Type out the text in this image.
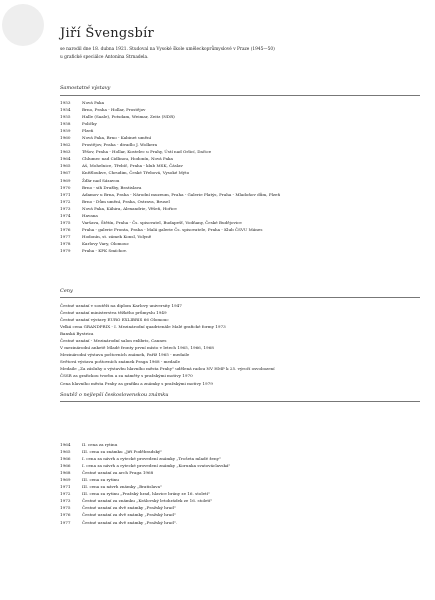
Jiří Švengsbír
se narodil dne 18. dubna 1921. Studoval na Vysoké škole uměleckoprůmyslové v Praze (1945—50)
u grafické speciálce Antonína Strnadela.
Samostatné výstavy
1953	Nová Paka
1954	Brno, Praha - Hollar, Prostějov
1955	Halle (Saale), Potsdam, Weimar, Zeitz (NDR)
1958	Poličky
1959	Plzeň
1960	Nová Paka, Brno - Kabinet umění
1962	Prostějov, Praha - divadlo J. Wolkera
1963	Těšov, Praha - Hollar, Kostelec u Prahy, Ústí nad Orlicí, Dačice
1964	Chlumec nad Cidlinou, Hodonín, Nová Paka
1965	Aš, Mohelnice, Třebíč, Praha - klub MSK, Čáslav
1967	Kněžloukve, Chrudim, České Třebová, Vysoké Mýto
1969	Žďár nad Sázavou
1970	Brno - síň Družby, Bratislava
1971	Adamov u Brna, Praha - Národní muzeum, Praha - Galerie Platýs, Praha - Mladoňov dům, Plzeň
1972	Brno - Dům umění, Praha, Ostrava, Brusel
1973	Nová Paka, Káhira, Alexandrie, Věšeň, Hořice
1974	Havana
1975	Varšava, Štětín, Praha - Čs. spisovatel, Budapešť, Vodňany, České Budějovice
1976	Praha - galerie Fronta, Praha - Malá galerie Čs. spisovatele, Praha - Klub ČSVU Mánes
1977	Hodonín, st. zámek Konsl, Volyně
1978	Karlovy Vary, Olomouc
1979	Praha - KPK Smíchov.
Ceny
Čestné uznání v soutěži na diplom Karlovy university 1947
Čestné uznání ministerstva těžkého průmyslu 1949
Čestné uznání výstavy EURO EXLIBRIS 66 Olomouc
Velká cena GRANDPRIX - I. Mezinárodní quadrienále Malé grafické formy 1973
Banská Bystrica
Čestné uznání - Mezinárodní salon exlibris, Cannes
V mezinárodní anketě Mladé fronty první místo v letech 1965, 1966, 1968
Mezinárodní výstava poštovních známek, Paříž 1965 - medaile
Světová výstava poštovních známek Praga 1968 - medaile
Medaile „Za zásluhy o výstavbu hlavního města Prahy" udělená radou NV HMP k 25. výročí osvobození
ČSSR za grafickou tvorbu a za náměty s pražskými motivy 1970
Cena hlavního města Prahy za grafiku a známky s pražskými motivy 1979
Soutěž o nejlepší československou známku
1964	II. cena za rytinu
1965	III. cena za známku „Jiří Poděbradský"
1966	I. cena za návrh a rytecké provedení známky „Trošeta mladé ženy"
1966	I. cena za návrh a rytecké provedení známky „Korunka svatováclavská"
1968	Čestné uznání za arch Praga 1968
1969	III. cena za rytinu
1971	III. cena za návrh známky „Bratislava"
1972	III. cena za rytinu „Pražský hrad, hlavice brány ze 16. století"
1973	Čestné uznání za známku „Královský letohrádek ze 16. století"
1975	Čestné uznání za dvě známky „Pražský hrad"
1976	Čestné uznání za dvě známky „Pražský hrad"
1977	Čestné uznání za dvě známky „Pražský hrad".
